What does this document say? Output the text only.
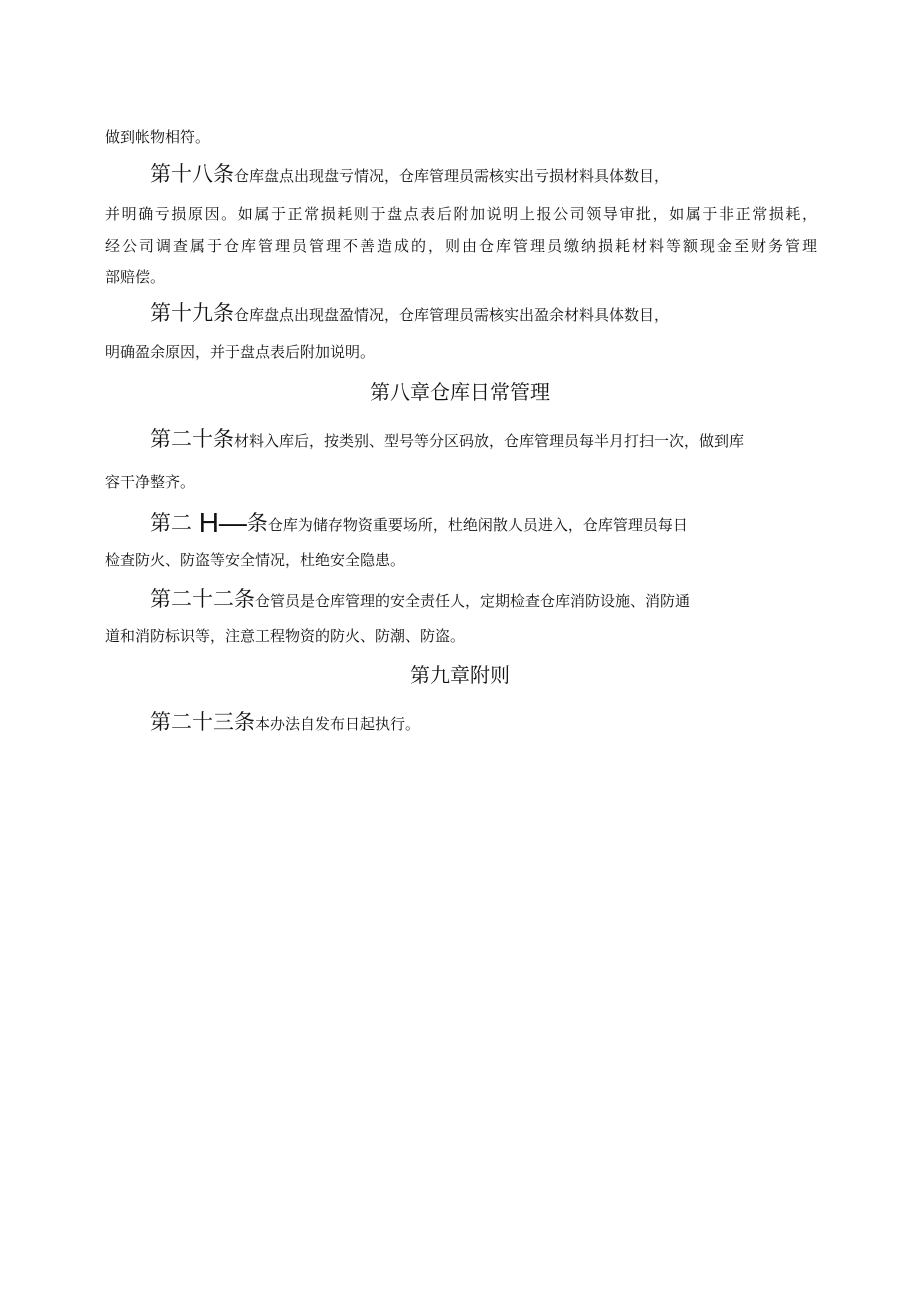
做到帐物相符。
第十八条仓库盘点出现盘亏情况，仓库管理员需核实出亏损材料具体数目，
并明确亏损原因。如属于正常损耗则于盘点表后附加说明上报公司领导审批，如属于非正常损耗，
经公司调查属于仓库管理员管理不善造成的，则由仓库管理员缴纳损耗材料等额现金至财务管理
部赔偿。
第十九条仓库盘点出现盘盈情况，仓库管理员需核实出盈余材料具体数目，
明确盈余原因，并于盘点表后附加说明。
第八章仓库日常管理
第二十条材料入库后，按类别、型号等分区码放，仓库管理员每半月打扫一次，做到库
容干净整齐。
第二 H—条仓库为储存物资重要场所，杜绝闲散人员进入，仓库管理员每日
检查防火、防盗等安全情况，杜绝安全隐患。
第二十二条仓管员是仓库管理的安全责任人，定期检查仓库消防设施、消防通
道和消防标识等，注意工程物资的防火、防潮、防盗。
第九章附则
第二十三条本办法自发布日起执行。
